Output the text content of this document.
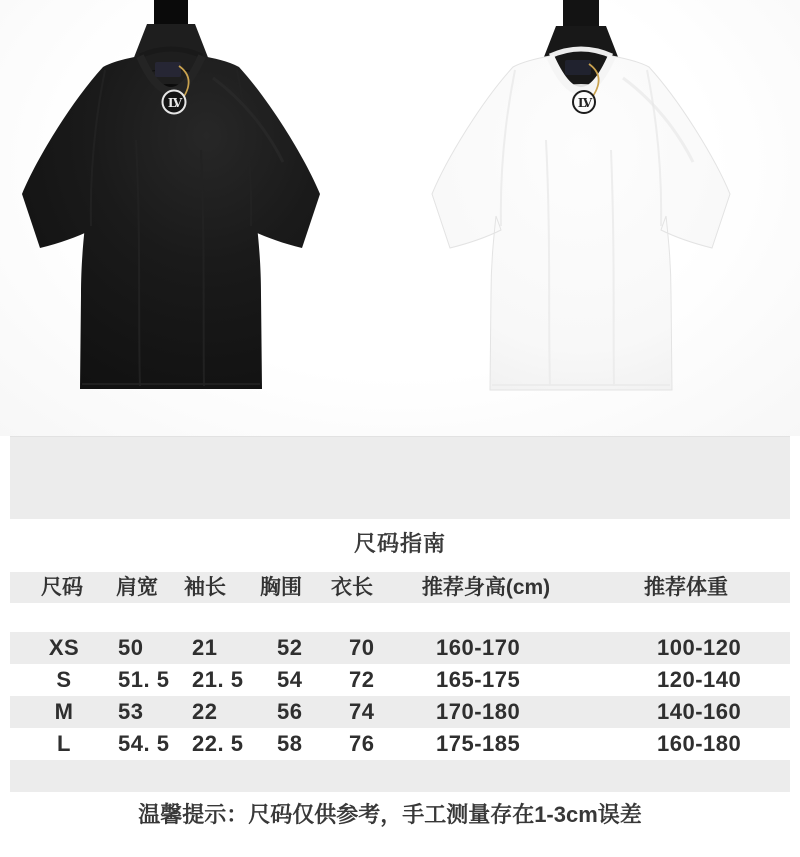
LV	LV
尺码指南
尺码 肩宽 袖长 胸围 衣长 推荐身高(cm)	推荐体重
XS 50 21	52 70	160-170	100-120
S 51. 5 21. 5 54 72	165-175	120-140
M 53 22	56 74	170-180	140-160
L 54. 5 22. 5 58 76	175-185	160-180
温馨提示：尺码仅供参考，手工测量存在1-3cm误差
